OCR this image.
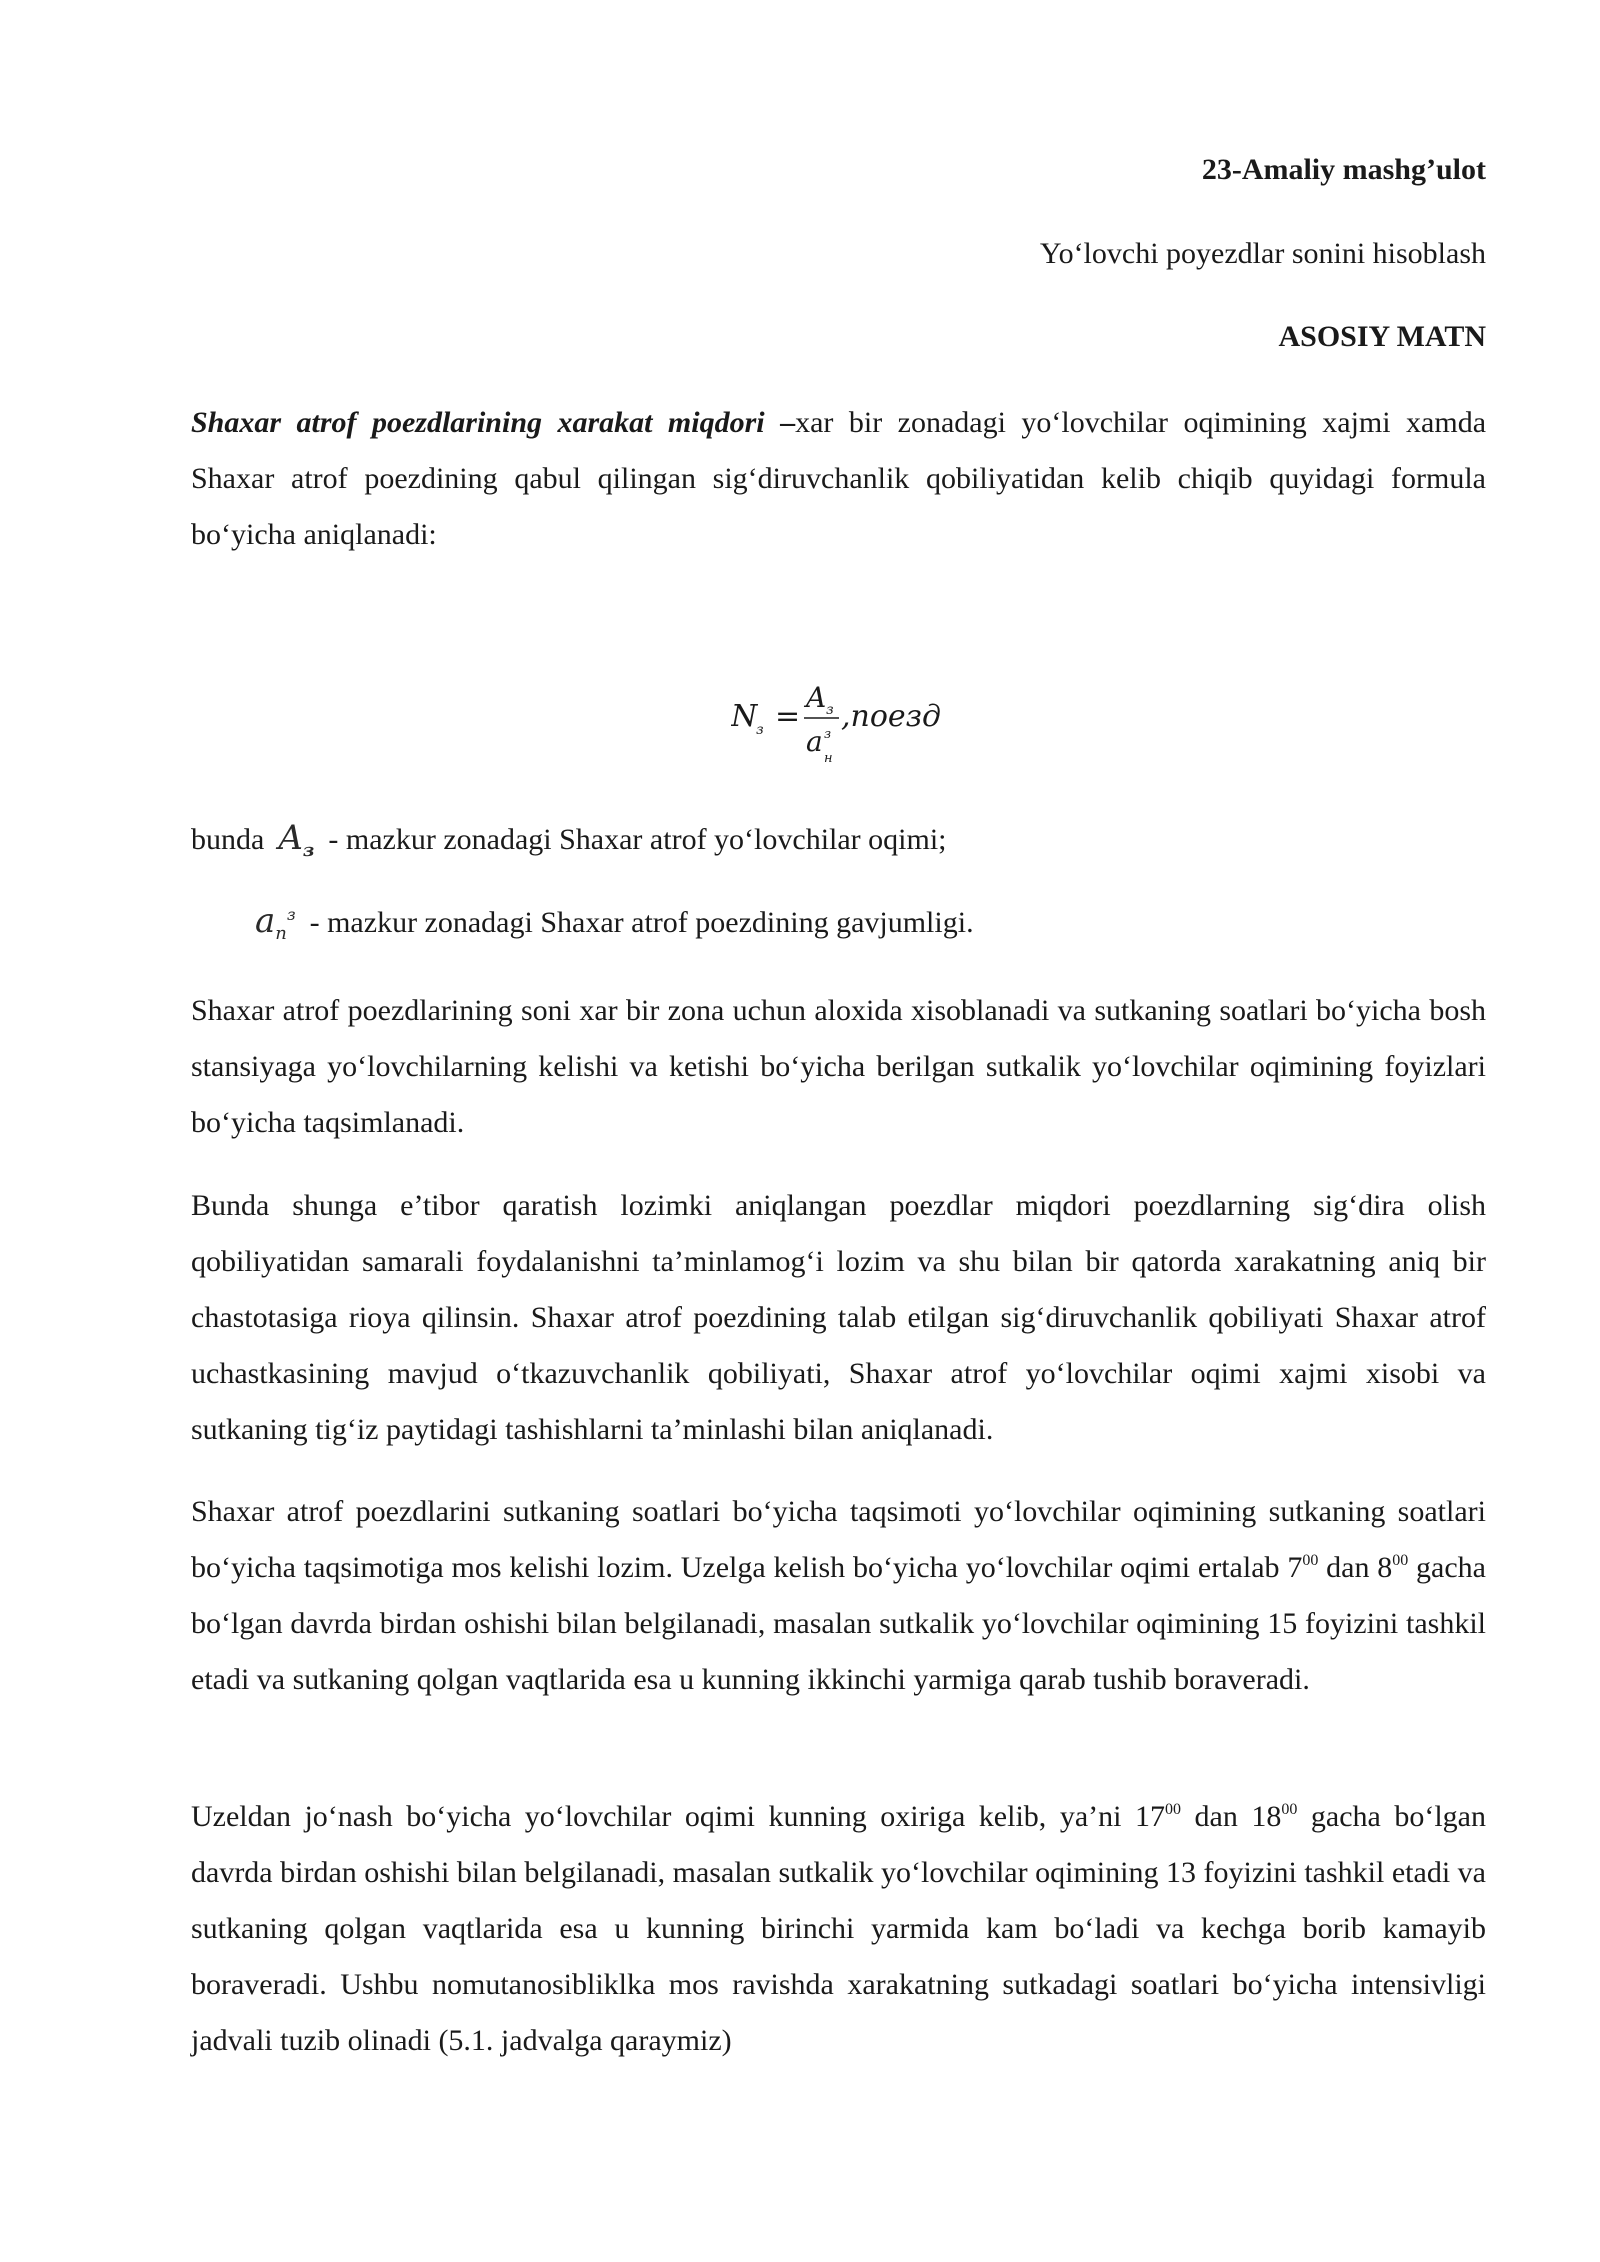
23-Amaliy mashg’ulot

Yo‘lovchi poyezdlar sonini hisoblash

ASOSIY MATN

Shaxar atrof poezdlarining xarakat miqdori –xar bir zonadagi yo‘lovchilar oqimining xajmi xamda Shaxar atrof poezdining qabul qilingan sig‘diruvchanlik qobiliyatidan kelib chiqib quyidagi formula bo‘yicha aniqlanadi:

N
з =
A з
a з
н
,поезд

bunda $A_з$ - mazkur zonadagi Shaxar atrof yo‘lovchilar oqimi;

$a_n^з$ - mazkur zonadagi Shaxar atrof poezdining gavjumligi.

Shaxar atrof poezdlarining soni xar bir zona uchun aloxida xisoblanadi va sutkaning soatlari bo‘yicha bosh stansiyaga yo‘lovchilarning kelishi va ketishi bo‘yicha berilgan sutkalik yo‘lovchilar oqimining foyizlari bo‘yicha taqsimlanadi.

Bunda shunga e’tibor qaratish lozimki aniqlangan poezdlar miqdori poezdlarning sig‘dira olish qobiliyatidan samarali foydalanishni ta’minlamog‘i lozim va shu bilan bir qatorda xarakatning aniq bir chastotasiga rioya qilinsin. Shaxar atrof poezdining talab etilgan sig‘diruvchanlik qobiliyati Shaxar atrof uchastkasining mavjud o‘tkazuvchanlik qobiliyati, Shaxar atrof yo‘lovchilar oqimi xajmi xisobi va sutkaning tig‘iz paytidagi tashishlarni ta’minlashi bilan aniqlanadi.

Shaxar atrof poezdlarini sutkaning soatlari bo‘yicha taqsimoti yo‘lovchilar oqimining sutkaning soatlari bo‘yicha taqsimotiga mos kelishi lozim. Uzelga kelish bo‘yicha yo‘lovchilar oqimi ertalab $7^{00}$ dan $8^{00}$ gacha bo‘lgan davrda birdan oshishi bilan belgilanadi, masalan sutkalik yo‘lovchilar oqimining 15 foyizini tashkil etadi va sutkaning qolgan vaqtlarida esa u kunning ikkinchi yarmiga qarab tushib boraveradi.

Uzeldan jo‘nash bo‘yicha yo‘lovchilar oqimi kunning oxiriga kelib, ya’ni $17^{00}$ dan $18^{00}$ gacha bo‘lgan davrda birdan oshishi bilan belgilanadi, masalan sutkalik yo‘lovchilar oqimining 13 foyizini tashkil etadi va sutkaning qolgan vaqtlarida esa u kunning birinchi yarmida kam bo‘ladi va kechga borib kamayib boraveradi. Ushbu nomutanosibliklka mos ravishda xarakatning sutkadagi soatlari bo‘yicha intensivligi jadvali tuzib olinadi (5.1. jadvalga qaraymiz)
